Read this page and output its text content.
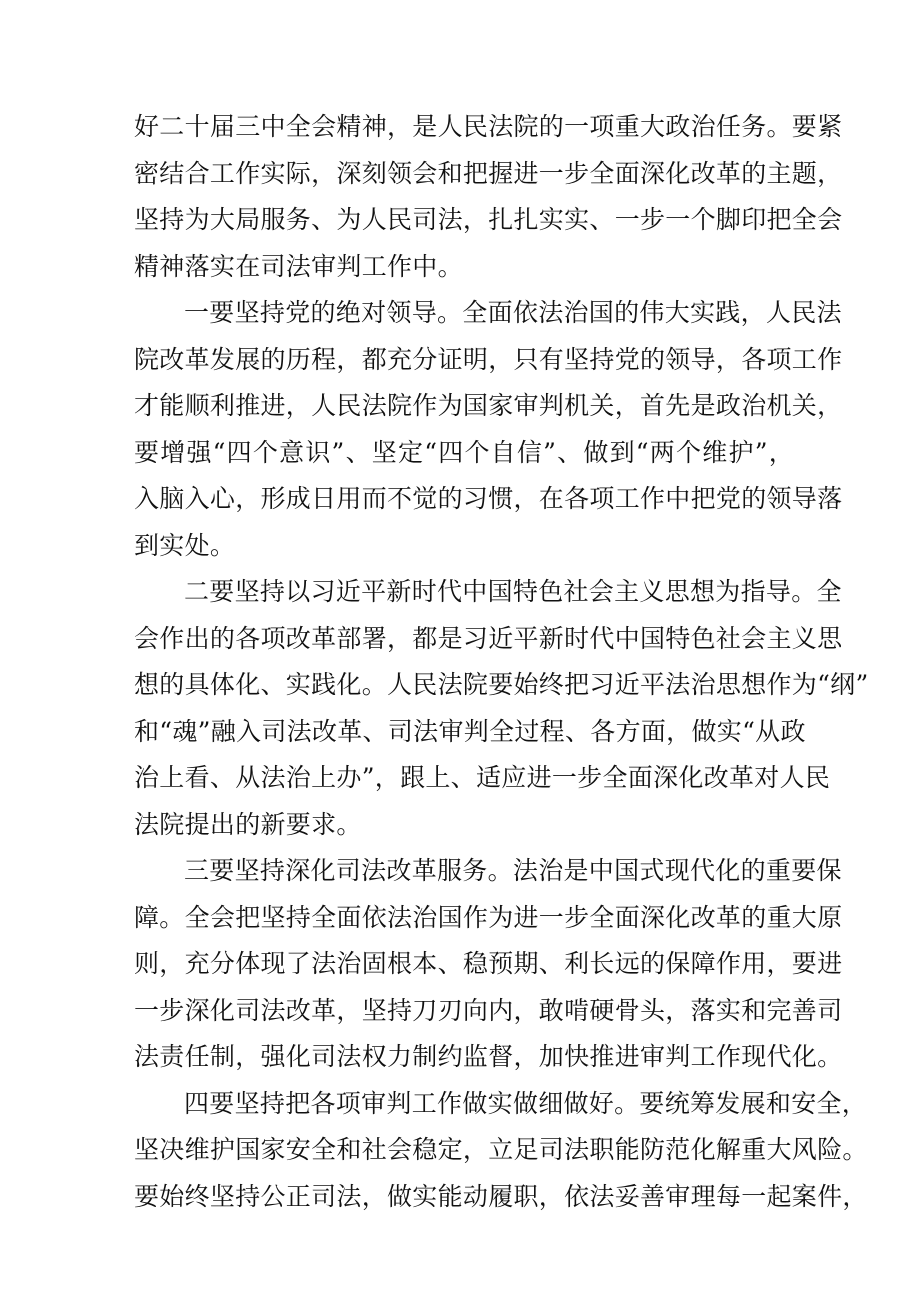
好二十届三中全会精神，是人民法院的一项重大政治任务。要紧
密结合工作实际，深刻领会和把握进一步全面深化改革的主题，
坚持为大局服务、为人民司法，扎扎实实、一步一个脚印把全会
精神落实在司法审判工作中。

一要坚持党的绝对领导。全面依法治国的伟大实践，人民法
院改革发展的历程，都充分证明，只有坚持党的领导，各项工作
才能顺利推进，人民法院作为国家审判机关，首先是政治机关，
要增强“四个意识”、坚定“四个自信”、做到“两个维护”，
入脑入心，形成日用而不觉的习惯，在各项工作中把党的领导落
到实处。

二要坚持以习近平新时代中国特色社会主义思想为指导。全
会作出的各项改革部署，都是习近平新时代中国特色社会主义思
想的具体化、实践化。人民法院要始终把习近平法治思想作为“纲”
和“魂”融入司法改革、司法审判全过程、各方面，做实“从政
治上看、从法治上办”，跟上、适应进一步全面深化改革对人民
法院提出的新要求。

三要坚持深化司法改革服务。法治是中国式现代化的重要保
障。全会把坚持全面依法治国作为进一步全面深化改革的重大原
则，充分体现了法治固根本、稳预期、利长远的保障作用，要进
一步深化司法改革，坚持刀刃向内，敢啃硬骨头，落实和完善司
法责任制，强化司法权力制约监督，加快推进审判工作现代化。

四要坚持把各项审判工作做实做细做好。要统筹发展和安全，
坚决维护国家安全和社会稳定，立足司法职能防范化解重大风险。
要始终坚持公正司法，做实能动履职，依法妥善审理每一起案件，
